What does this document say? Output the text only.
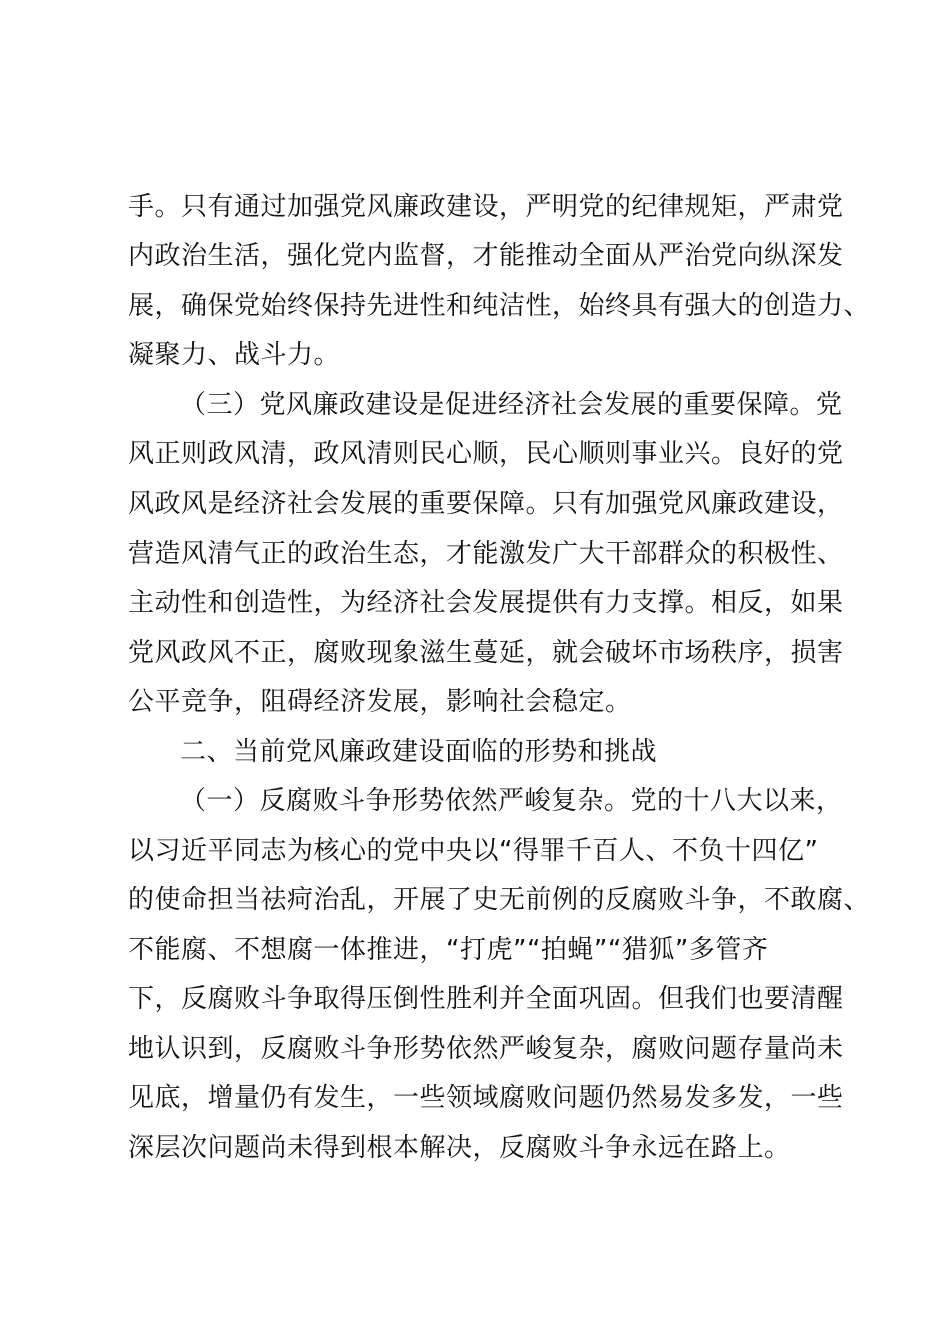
手。只有通过加强党风廉政建设，严明党的纪律规矩，严肃党

内政治生活，强化党内监督，才能推动全面从严治党向纵深发

展，确保党始终保持先进性和纯洁性，始终具有强大的创造力、

凝聚力、战斗力。

（三）党风廉政建设是促进经济社会发展的重要保障。党

风正则政风清，政风清则民心顺，民心顺则事业兴。良好的党

风政风是经济社会发展的重要保障。只有加强党风廉政建设，

营造风清气正的政治生态，才能激发广大干部群众的积极性、

主动性和创造性，为经济社会发展提供有力支撑。相反，如果

党风政风不正，腐败现象滋生蔓延，就会破坏市场秩序，损害

公平竞争，阻碍经济发展，影响社会稳定。

二、当前党风廉政建设面临的形势和挑战

（一）反腐败斗争形势依然严峻复杂。党的十八大以来，

以习近平同志为核心的党中央以“得罪千百人、不负十四亿”

的使命担当祛疴治乱，开展了史无前例的反腐败斗争，不敢腐、

不能腐、不想腐一体推进，“打虎”“拍蝇”“猎狐”多管齐

下，反腐败斗争取得压倒性胜利并全面巩固。但我们也要清醒

地认识到，反腐败斗争形势依然严峻复杂，腐败问题存量尚未

见底，增量仍有发生，一些领域腐败问题仍然易发多发，一些

深层次问题尚未得到根本解决，反腐败斗争永远在路上。
